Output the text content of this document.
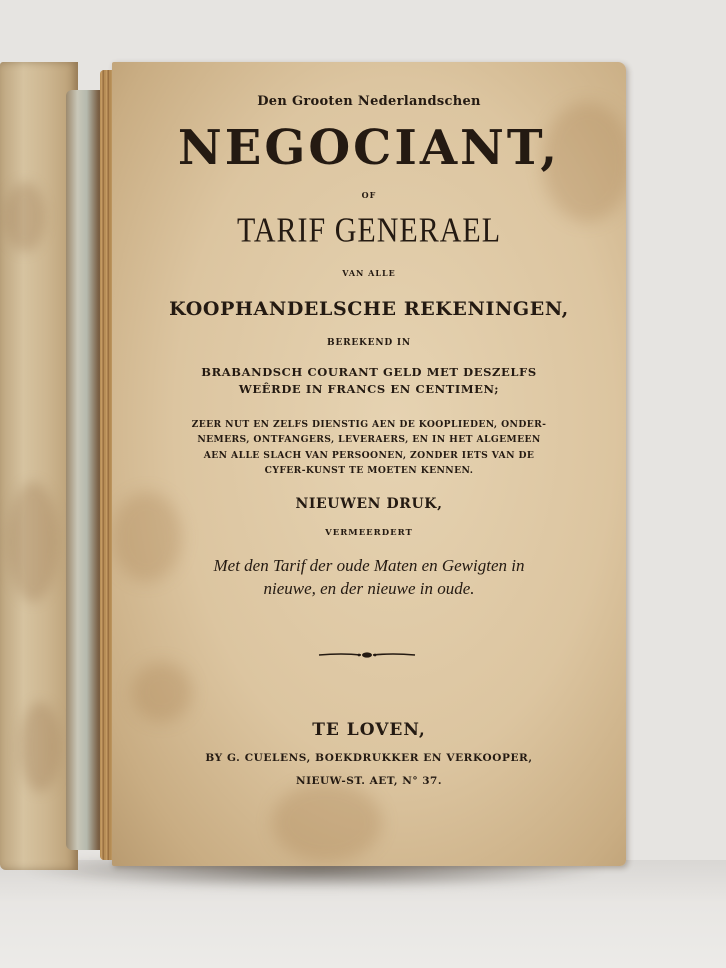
Den Grooten Nederlandschen
NEGOCIANT,
OF
TARIF GENERAEL
VAN ALLE
KOOPHANDELSCHE REKENINGEN,
BEREKEND IN
BRABANDSCH COURANT GELD MET DESZELFS
WEÊRDE IN FRANCS EN CENTIMEN;
ZEER NUT EN ZELFS DIENSTIG AEN DE KOOPLIEDEN, ONDER-
NEMERS, ONTFANGERS, LEVERAERS, EN IN HET ALGEMEEN
AEN ALLE SLACH VAN PERSOONEN, ZONDER IETS VAN DE
CYFER-KUNST TE MOETEN KENNEN.
NIEUWEN DRUK,
VERMEERDERT
Met den Tarif der oude Maten en Gewigten in
nieuwe, en der nieuwe in oude.
TE LOVEN,
BY G. CUELENS, BOEKDRUKKER EN VERKOOPER,
NIEUW-ST. AET, N° 37.
